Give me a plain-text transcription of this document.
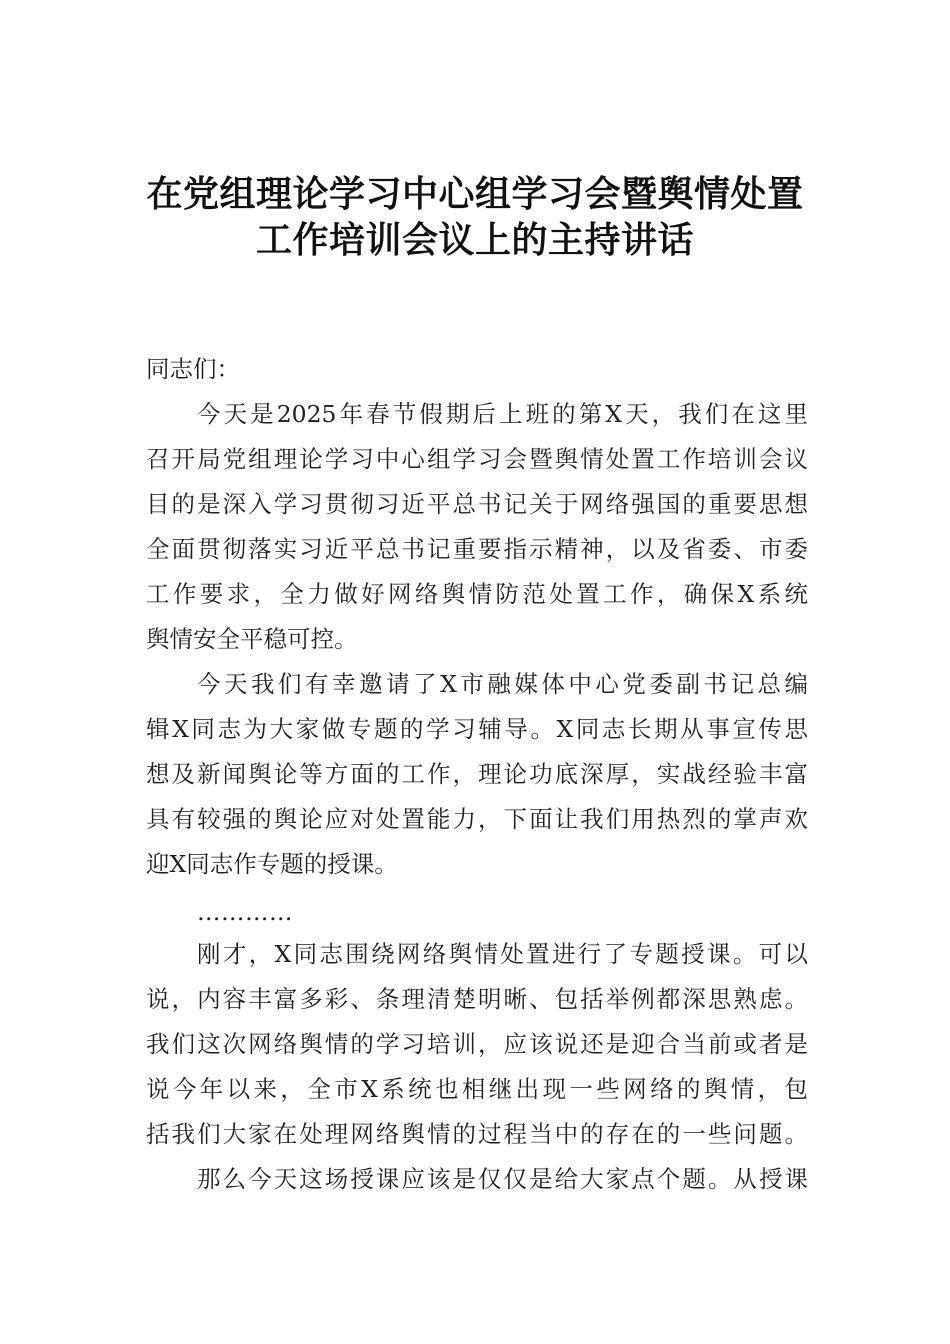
在党组理论学习中心组学习会暨舆情处置
工作培训会议上的主持讲话
同志们：
今天是2025年春节假期后上班的第X天，我们在这里
召开局党组理论学习中心组学习会暨舆情处置工作培训会议
目的是深入学习贯彻习近平总书记关于网络强国的重要思想
全面贯彻落实习近平总书记重要指示精神，以及省委、市委
工作要求，全力做好网络舆情防范处置工作，确保X系统
舆情安全平稳可控。
今天我们有幸邀请了X市融媒体中心党委副书记总编
辑X同志为大家做专题的学习辅导。X同志长期从事宣传思
想及新闻舆论等方面的工作，理论功底深厚，实战经验丰富
具有较强的舆论应对处置能力，下面让我们用热烈的掌声欢
迎X同志作专题的授课。
…………
刚才，X同志围绕网络舆情处置进行了专题授课。可以
说，内容丰富多彩、条理清楚明晰、包括举例都深思熟虑。
我们这次网络舆情的学习培训，应该说还是迎合当前或者是
说今年以来，全市X系统也相继出现一些网络的舆情，包
括我们大家在处理网络舆情的过程当中的存在的一些问题。
那么今天这场授课应该是仅仅是给大家点个题。从授课
